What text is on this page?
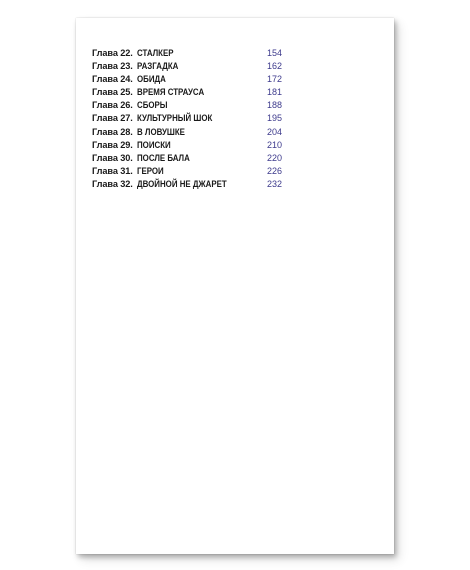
Глава 22. СТАЛКЕР	154
Глава 23. РАЗГАДКА	162
Глава 24. ОБИДА	172
Глава 25. ВРЕМЯ СТРАУСА	181
Глава 26. СБОРЫ	188
Глава 27. КУЛЬТУРНЫЙ ШОК	195
Глава 28. В ЛОВУШКЕ	204
Глава 29. ПОИСКИ	210
Глава 30. ПОСЛЕ БАЛА	220
Глава 31. ГЕРОИ	226
Глава 32. ДВОЙНОЙ НЕ ДЖАРЕТ	232
